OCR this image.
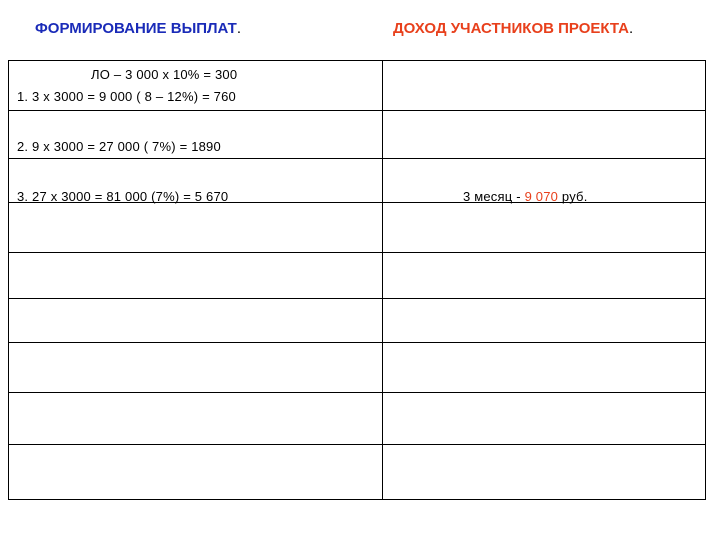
ФОРМИРОВАНИЕ ВЫПЛАТ.	ДОХОД УЧАСТНИКОВ ПРОЕКТА.
ЛО – 3 000 х 10% = 300
1. 3 х 3000 = 9 000 ( 8 – 12%) = 760
2. 9 х 3000 = 27 000 ( 7%) = 1890
3. 27 х 3000 = 81 000 (7%) = 5 670	3 месяц - 9 070 руб.
